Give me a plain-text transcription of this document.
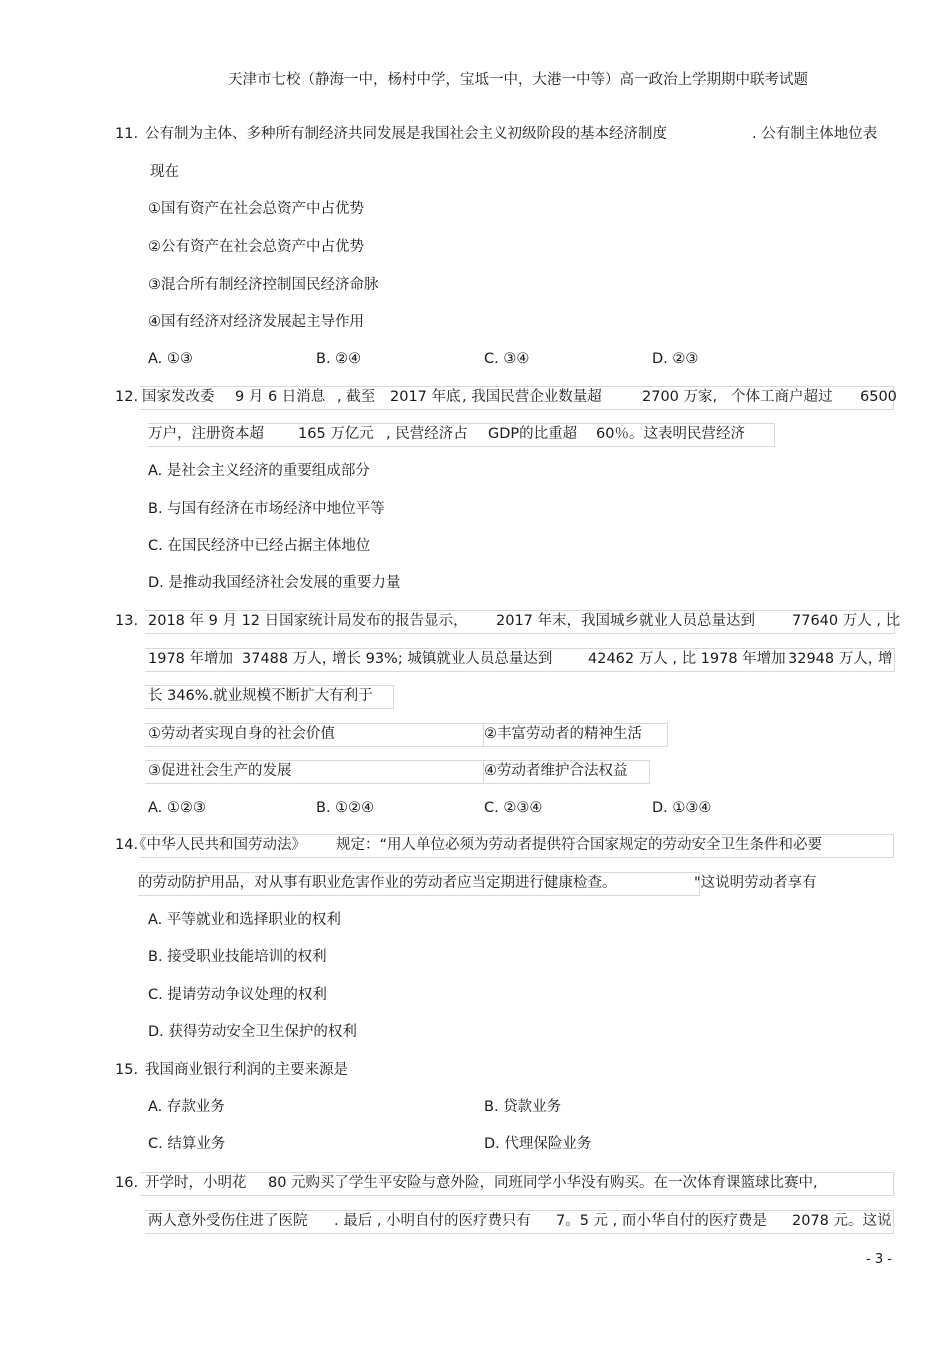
天津市七校（静海一中，杨村中学，宝坻一中，大港一中等）高一政治上学期期中联考试题
11. 公有制为主体、多种所有制经济共同发展是我国社会主义初级阶段的基本经济制度	. 公有制主体地位表
现在
①国有资产在社会总资产中占优势
②公有资产在社会总资产中占优势
③混合所有制经济控制国民经济命脉
④国有经济对经济发展起主导作用
A. ①③	B. ②④	C. ③④	D. ②③
12. 国家发改委 9 月 6 日消息 , 截至 2017 年底 , 我国民营企业数量超	2700 万家, 个体工商户超过 6500
万户，注册资本超 165 万亿元 , 民营经济占 GDP的比重超 60％。这表明民营经济
A. 是社会主义经济的重要组成部分
B. 与国有经济在市场经济中地位平等
C. 在国民经济中已经占据主体地位
D. 是推动我国经济社会发展的重要力量
13. 2018 年 9 月 12 日国家统计局发布的报告显示， 2017 年末，我国城乡就业人员总量达到	77640 万人 , 比
1978 年增加 37488 万人，
增长 93%; 城镇就业人员总量达到 42462 万人 , 比 1978 年增加 32948 万人，
增
长 346%.就业规模不断扩大有利于
①劳动者实现自身的社会价值	②丰富劳动者的精神生活
③促进社会生产的发展	④劳动者维护合法权益
A. ①②③	B. ①②④	C. ②③④	D. ①③④
14.
《中华人民共和国劳动法》 规定：“用人单位必须为劳动者提供符合国家规定的劳动安全卫生条件和必要
的劳动防护用品，对从事有职业危害作业的劳动者应当定期进行健康检查。	"这说明劳动者享有
A. 平等就业和选择职业的权利
B. 接受职业技能培训的权利
C. 提请劳动争议处理的权利
D. 获得劳动安全卫生保护的权利
15. 我国商业银行利润的主要来源是
A. 存款业务	B. 贷款业务
C. 结算业务	D. 代理保险业务
16. 开学时，小明花 80 元购买了学生平安险与意外险，同班同学小华没有购买。在一次体育课篮球比赛中,
两人意外受伤住进了医院 . 最后 , 小明自付的医疗费只有 7。5 元 , 而小华自付的医疗费是 2078 元。这说
- 3 -
